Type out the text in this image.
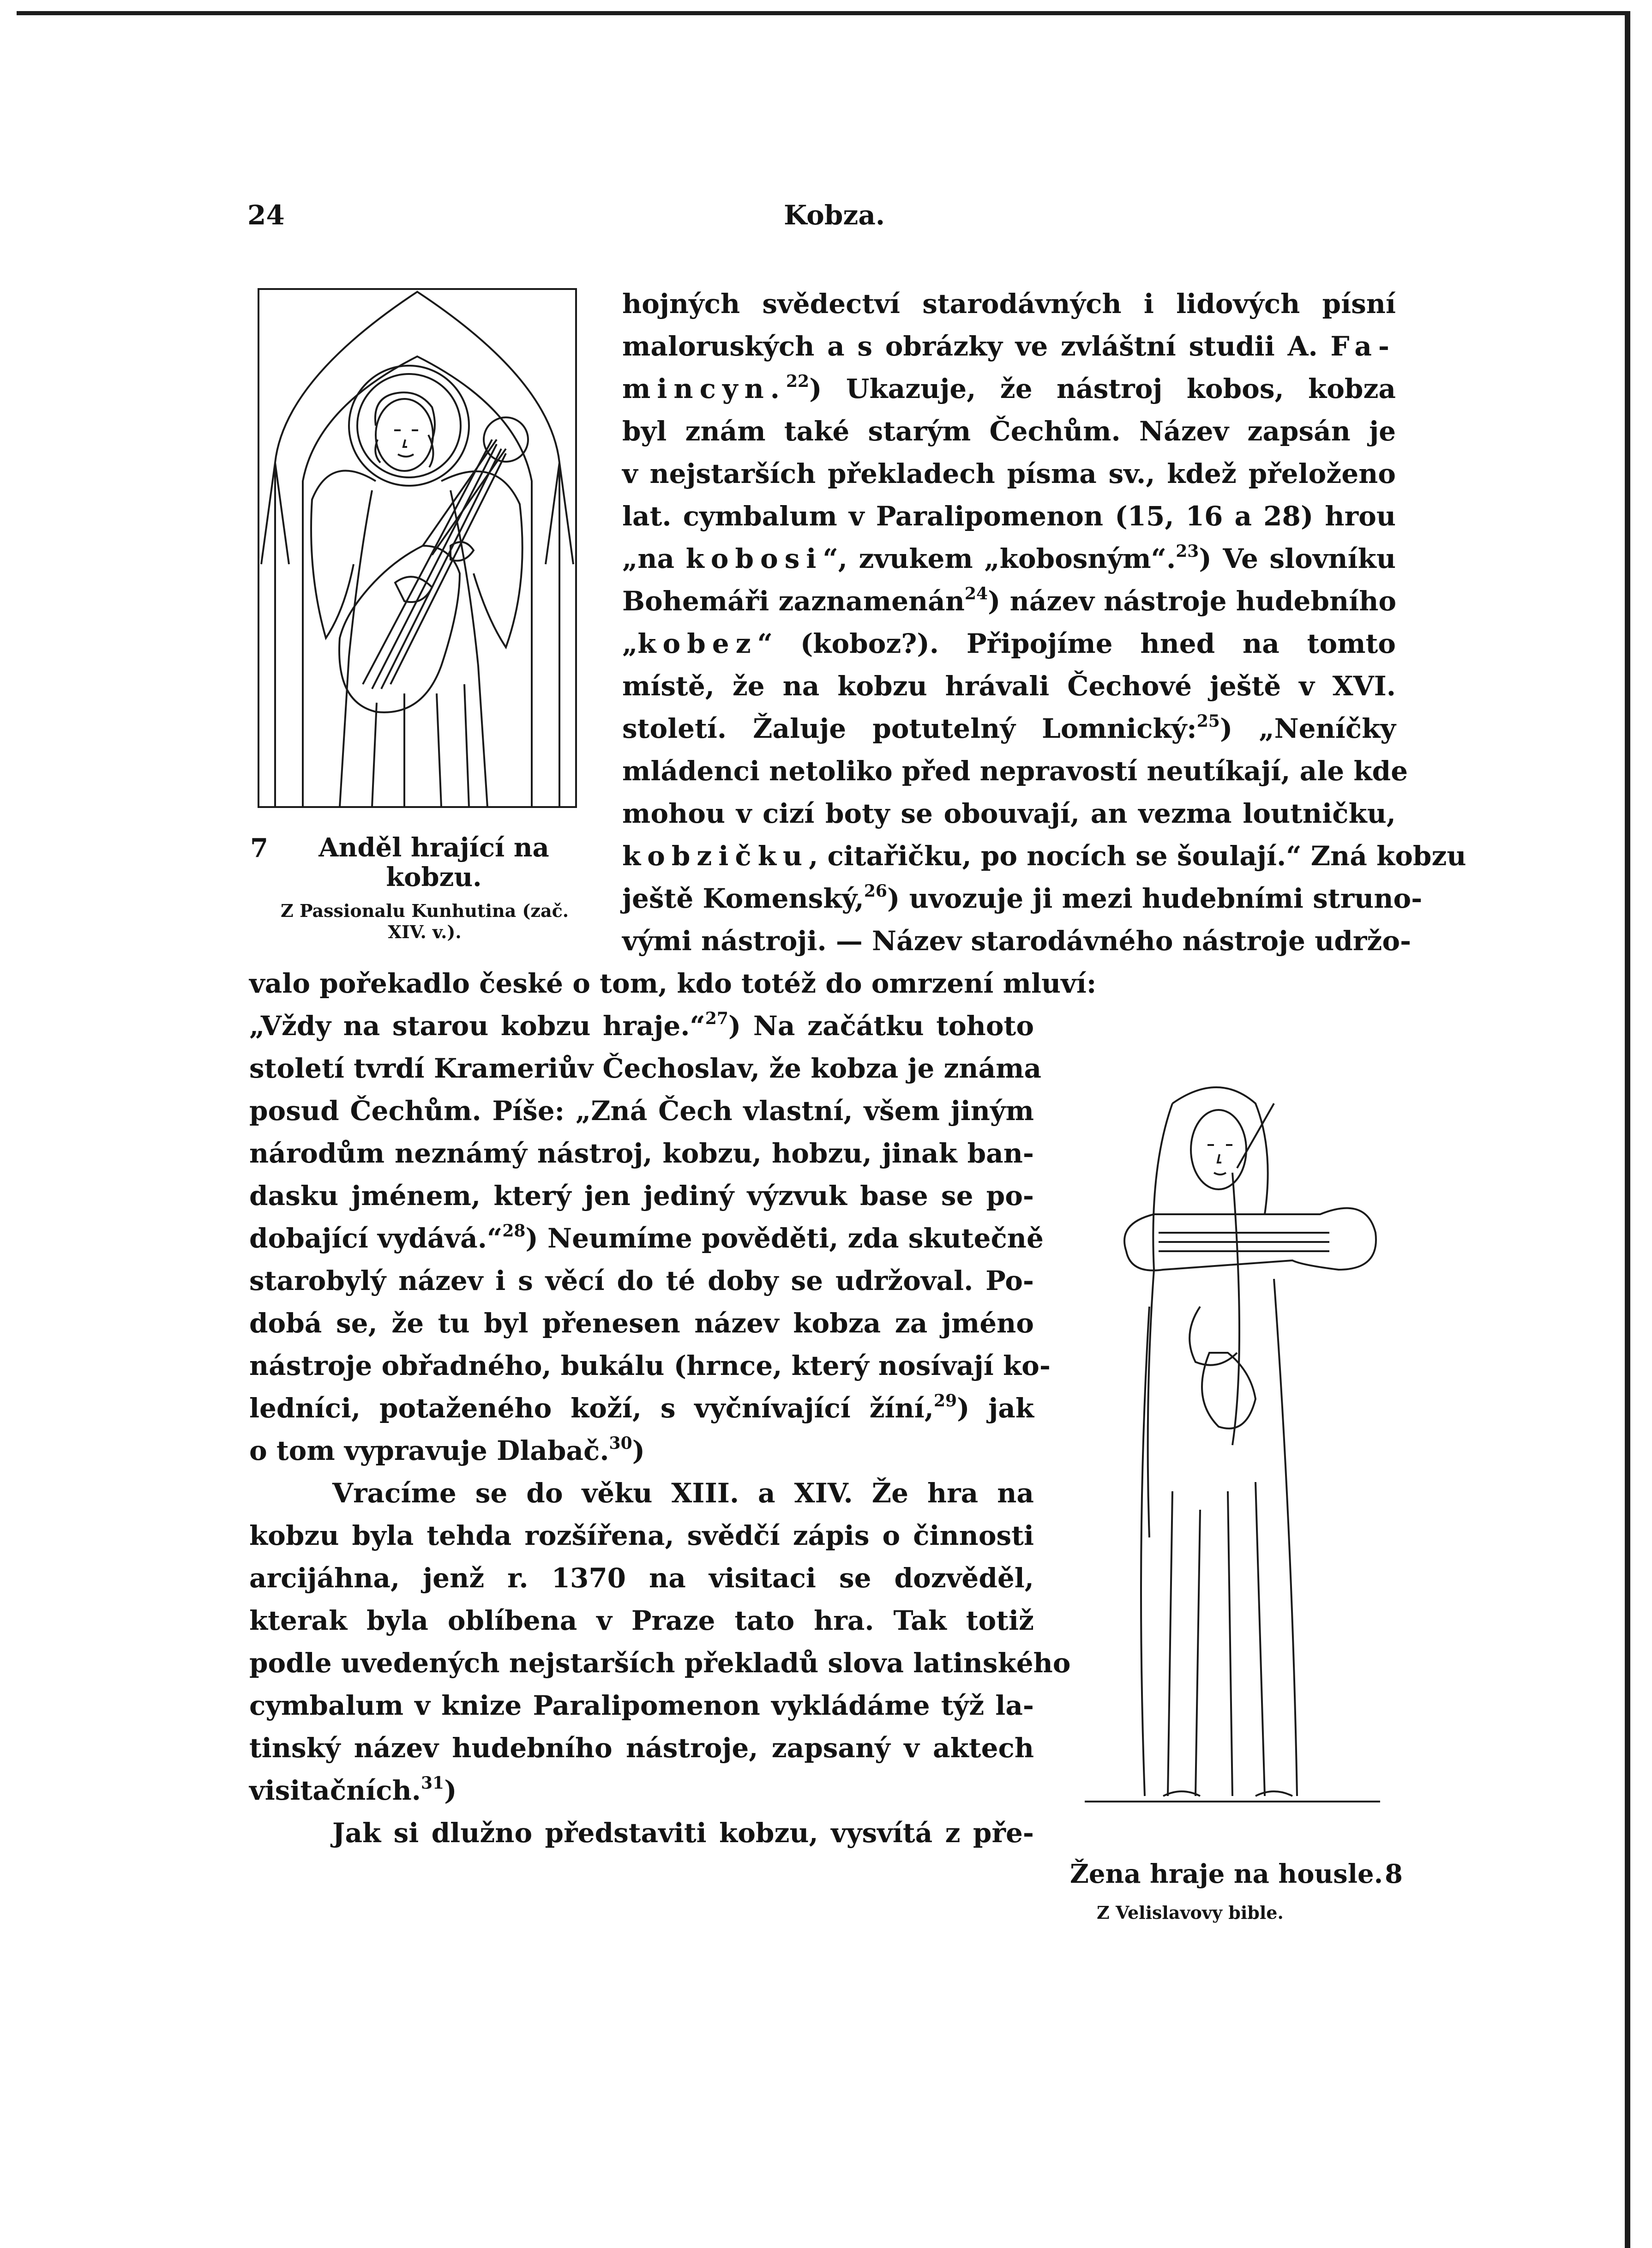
24	Kobza.

7	Anděl hrající na kobzu.
Z Passionalu Kunhutina (zač. XIV. v.).
Žena hraje na housle. 8
Z Velislavovy bible.

hojných svědectví starodávných i lidových písní

maloruských a s obrázky ve zvláštní studii A. Fa-

mincyn.$^{22}$) Ukazuje, že nástroj kobos, kobza

byl znám také starým Čechům. Název zapsán je

v nejstarších překladech písma sv., kdež přeloženo

lat. cymbalum v Paralipomenon (15, 16 a 28) hrou

„na kobosi“, zvukem „kobosným“.$^{23}$) Ve slovníku

Bohemáři zaznamenán$^{24}$) název nástroje hudebního

„kobez“ (koboz?). Připojíme hned na tomto

místě, že na kobzu hrávali Čechové ještě v XVI.

století. Žaluje potutelný Lomnický:$^{25}$) „Neníčky

mládenci netoliko před nepravostí neutíkají, ale kde

mohou v cizí boty se obouvají, an vezma loutničku,

kobzičku, citařičku, po nocích se šoulají.“ Zná kobzu

ještě Komenský,$^{26}$) uvozuje ji mezi hudebními struno-

vými nástroji. — Název starodávného nástroje udržo-

valo pořekadlo české o tom, kdo totéž do omrzení mluví:

„Vždy na starou kobzu hraje.“$^{27}$) Na začátku tohoto

století tvrdí Krameriův Čechoslav, že kobza je známa

posud Čechům. Píše: „Zná Čech vlastní, všem jiným

národům neznámý nástroj, kobzu, hobzu, jinak ban-

dasku jménem, který jen jediný výzvuk base se po-

dobající vydává.“$^{28}$) Neumíme pověděti, zda skutečně

starobylý název i s věcí do té doby se udržoval. Po-

dobá se, že tu byl přenesen název kobza za jméno

nástroje obřadného, bukálu (hrnce, který nosívají ko-

ledníci, potaženého koží, s vyčnívající žíní,$^{29}$) jak

o tom vypravuje Dlabač.$^{30}$)

Vracíme se do věku XIII. a XIV. Že hra na

kobzu byla tehda rozšířena, svědčí zápis o činnosti

arcijáhna, jenž r. 1370 na visitaci se dozvěděl,

kterak byla oblíbena v Praze tato hra. Tak totiž

podle uvedených nejstarších překladů slova latinského

cymbalum v knize Paralipomenon vykládáme týž la-

tinský název hudebního nástroje, zapsaný v aktech

visitačních.$^{31}$)

Jak si dlužno představiti kobzu, vysvítá z pře-
